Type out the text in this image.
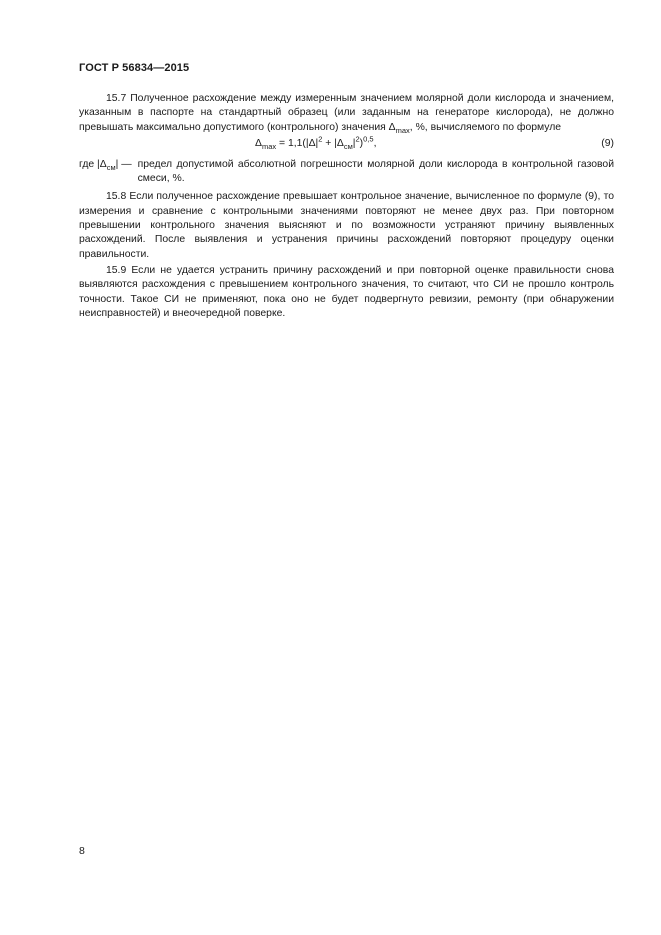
ГОСТ Р 56834—2015

15.7 Полученное расхождение между измеренным значением молярной доли кислорода и значением, указанным в паспорте на стандартный образец (или заданным на генераторе кислорода), не должно превышать максимально допустимого (контрольного) значения $\Delta_{max}$, %, вычисляемого по формуле

$\Delta_{max} = 1,1(|\Delta|^2 + |\Delta_{см}|^2)^{0,5}$,	(9)
где $|\Delta_{см}|$ — предел допустимой абсолютной погрешности молярной доли кислорода в контрольной газовой смеси, %.

15.8 Если полученное расхождение превышает контрольное значение, вычисленное по формуле (9), то измерения и сравнение с контрольными значениями повторяют не менее двух раз. При повторном превышении контрольного значения выясняют и по возможности устраняют причину выявленных расхождений. После выявления и устранения причины расхождений повторяют процедуру оценки правильности.

15.9 Если не удается устранить причину расхождений и при повторной оценке правильности снова выявляются расхождения с превышением контрольного значения, то считают, что СИ не прошло контроль точности. Такое СИ не применяют, пока оно не будет подвергнуто ревизии, ремонту (при обнаружении неисправностей) и внеочередной поверке.

8
